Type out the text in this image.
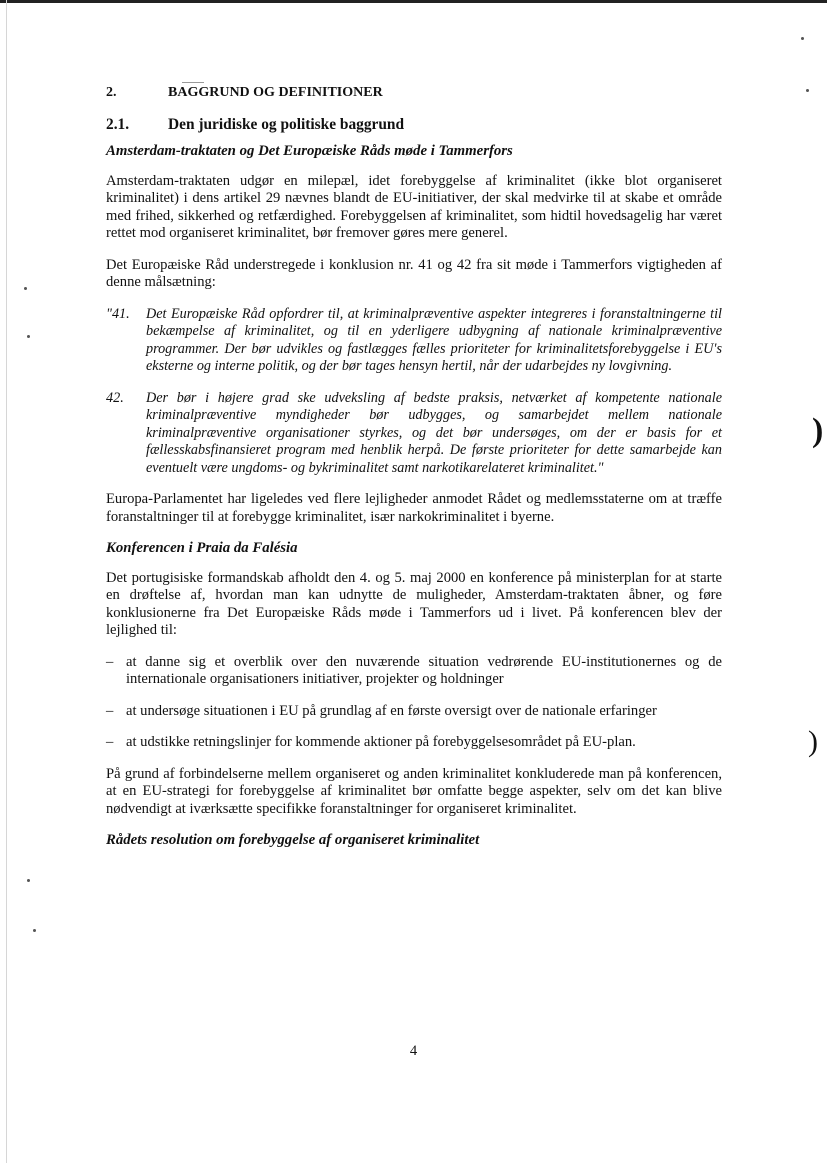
)
)
2.	BAGGRUND OG DEFINITIONER
2.1.	Den juridiske og politiske baggrund
Amsterdam-traktaten og Det Europæiske Råds møde i Tammerfors

Amsterdam-traktaten udgør en milepæl, idet forebyggelse af kriminalitet (ikke blot organiseret kriminalitet) i dens artikel 29 nævnes blandt de EU-initiativer, der skal medvirke til at skabe et område med frihed, sikkerhed og retfærdighed. Forebyggelsen af kriminalitet, som hidtil hovedsagelig har været rettet mod organiseret kriminalitet, bør fremover gøres mere generel.

Det Europæiske Råd understregede i konklusion nr. 41 og 42 fra sit møde i Tammerfors vigtigheden af denne målsætning:

"41.	Det Europæiske Råd opfordrer til, at kriminalpræventive aspekter integreres i foranstaltningerne til bekæmpelse af kriminalitet, og til en yderligere udbygning af nationale kriminalpræventive programmer. Der bør udvikles og fastlægges fælles prioriteter for kriminalitetsforebyggelse i EU's eksterne og interne politik, og der bør tages hensyn hertil, når der udarbejdes ny lovgivning.
42.	Der bør i højere grad ske udveksling af bedste praksis, netværket af kompetente nationale kriminalpræventive myndigheder bør udbygges, og samarbejdet mellem nationale kriminalpræventive organisationer styrkes, og det bør undersøges, om der er basis for et fællesskabsfinansieret program med henblik herpå. De første prioriteter for dette samarbejde kan eventuelt være ungdoms- og bykriminalitet samt narkotikarelateret kriminalitet."

Europa-Parlamentet har ligeledes ved flere lejligheder anmodet Rådet og medlemsstaterne om at træffe foranstaltninger til at forebygge kriminalitet, især narkokriminalitet i byerne.

Konferencen i Praia da Falésia

Det portugisiske formandskab afholdt den 4. og 5. maj 2000 en konference på ministerplan for at starte en drøftelse af, hvordan man kan udnytte de muligheder, Amsterdam-traktaten åbner, og føre konklusionerne fra Det Europæiske Råds møde i Tammerfors ud i livet. På konferencen blev der lejlighed til:

– at danne sig et overblik over den nuværende situation vedrørende EU-institutionernes og de internationale organisationers initiativer, projekter og holdninger
– at undersøge situationen i EU på grundlag af en første oversigt over de nationale erfaringer
– at udstikke retningslinjer for kommende aktioner på forebyggelsesområdet på EU-plan.

På grund af forbindelserne mellem organiseret og anden kriminalitet konkluderede man på konferencen, at en EU-strategi for forebyggelse af kriminalitet bør omfatte begge aspekter, selv om det kan blive nødvendigt at iværksætte specifikke foranstaltninger for organiseret kriminalitet.

Rådets resolution om forebyggelse af organiseret kriminalitet
4
